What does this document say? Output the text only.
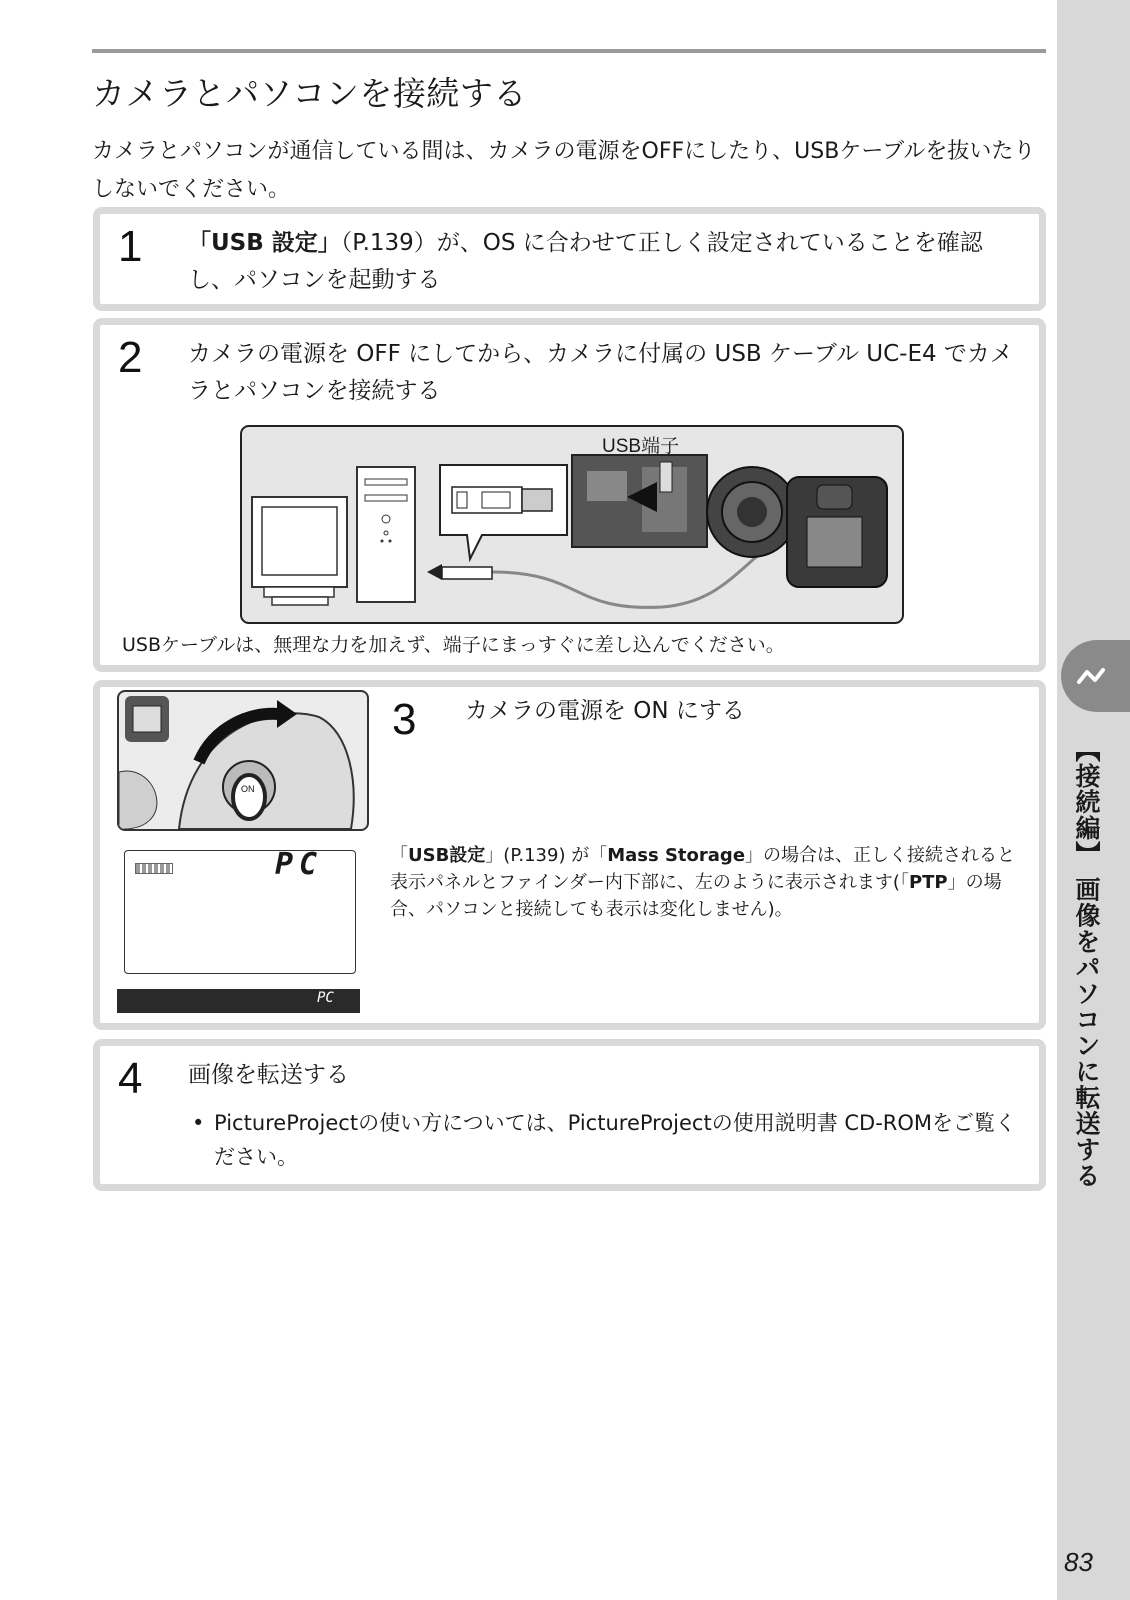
カメラとパソコンを接続する

カメラとパソコンが通信している間は、カメラの電源をOFFにしたり、USBケーブルを抜いたりしないでください。

1 「USB 設定」（P.139）が、OS に合わせて正しく設定されていることを確認し、パソコンを起動する

2 カメラの電源を OFF にしてから、カメラに付属の USB ケーブル UC-E4 でカメラとパソコンを接続する

USB端子

USBケーブルは、無理な力を加えず、端子にまっすぐに差し込んでください。

ON
PC
PC
3 カメラの電源を ON にする

「USB設定」(P.139) が「Mass Storage」の場合は、正しく接続されると表示パネルとファインダー内下部に、左のように表示されます(「PTP」の場合、パソコンと接続しても表示は変化しません)。

4 画像を転送する

• PictureProjectの使い方については、PictureProjectの使用説明書 CD-ROMをご覧ください。	【接続編】 画像をパソコンに転送する
83
